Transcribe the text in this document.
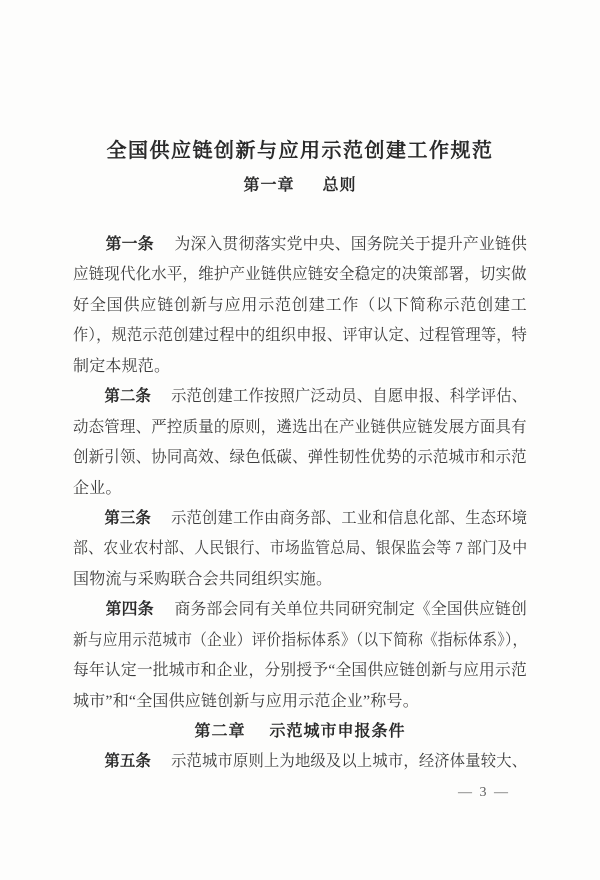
全国供应链创新与应用示范创建工作规范
第一章 总则
第一条 为深入贯彻落实党中央、国务院关于提升产业链供
应链现代化水平，维护产业链供应链安全稳定的决策部署，切实做
好全国供应链创新与应用示范创建工作（以下简称示范创建工
作），规范示范创建过程中的组织申报、评审认定、过程管理等，特
制定本规范。
第二条 示范创建工作按照广泛动员、自愿申报、科学评估、
动态管理、严控质量的原则，遴选出在产业链供应链发展方面具有
创新引领、协同高效、绿色低碳、弹性韧性优势的示范城市和示范
企业。
第三条 示范创建工作由商务部、工业和信息化部、生态环境
部、农业农村部、人民银行、市场监管总局、银保监会等 7 部门及中
国物流与采购联合会共同组织实施。
第四条 商务部会同有关单位共同研究制定《全国供应链创
新与应用示范城市（企业）评价指标体系》（以下简称《指标体系》），
每年认定一批城市和企业，分别授予“全国供应链创新与应用示范
城市”和“全国供应链创新与应用示范企业”称号。
第二章 示范城市申报条件
第五条 示范城市原则上为地级及以上城市，经济体量较大、
— 3 —
